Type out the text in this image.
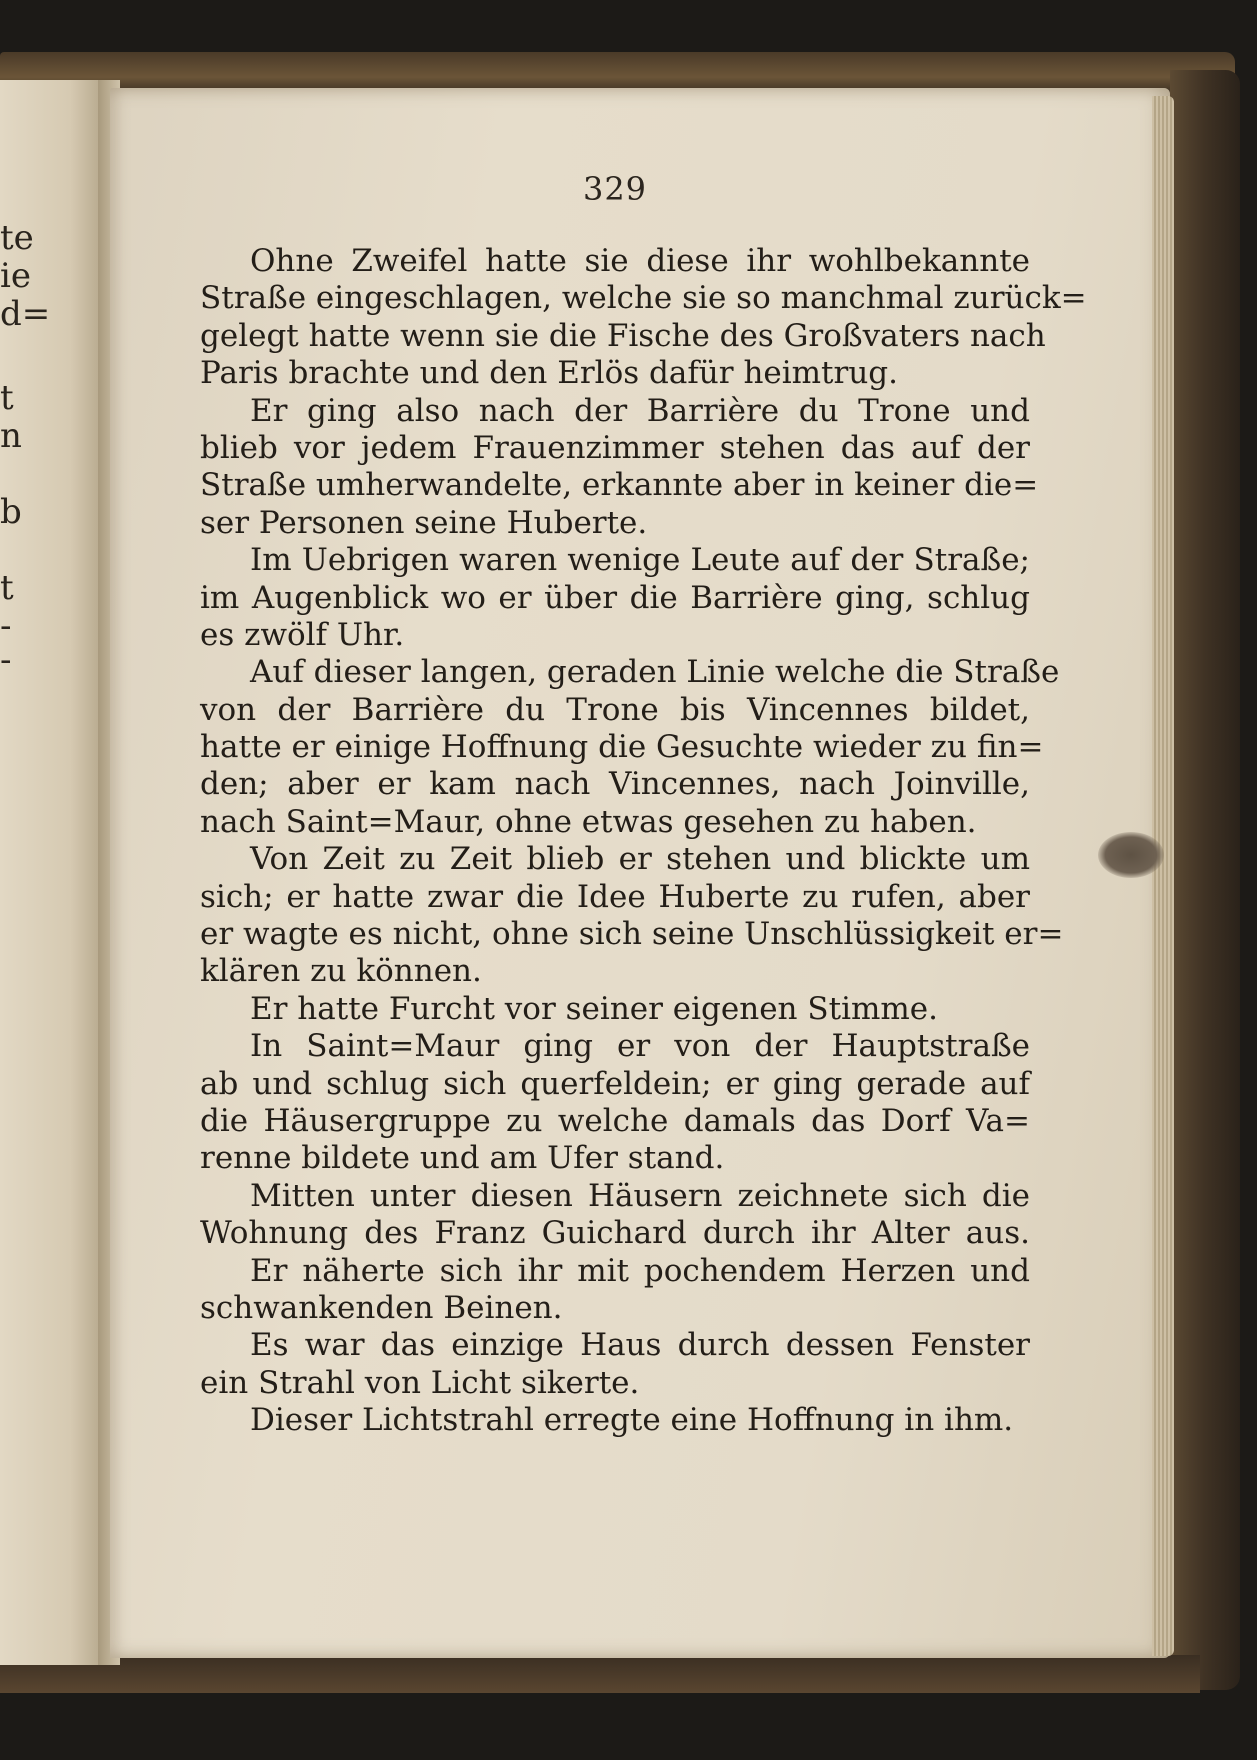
te
ie
d=
t
n
b
t
-
-
329
Ohne Zweifel hatte sie diese ihr wohlbekannte
Straße eingeschlagen, welche sie so manchmal zurück=
gelegt hatte wenn sie die Fische des Großvaters nach
Paris brachte und den Erlös dafür heimtrug.
Er ging also nach der Barrière du Trone und
blieb vor jedem Frauenzimmer stehen das auf der
Straße umherwandelte, erkannte aber in keiner die=
ser Personen seine Huberte.
Im Uebrigen waren wenige Leute auf der Straße;
im Augenblick wo er über die Barrière ging, schlug
es zwölf Uhr.
Auf dieser langen, geraden Linie welche die Straße
von der Barrière du Trone bis Vincennes bildet,
hatte er einige Hoffnung die Gesuchte wieder zu fin=
den; aber er kam nach Vincennes, nach Joinville,
nach Saint=Maur, ohne etwas gesehen zu haben.
Von Zeit zu Zeit blieb er stehen und blickte um
sich; er hatte zwar die Idee Huberte zu rufen, aber
er wagte es nicht, ohne sich seine Unschlüssigkeit er=
klären zu können.
Er hatte Furcht vor seiner eigenen Stimme.
In Saint=Maur ging er von der Hauptstraße
ab und schlug sich querfeldein; er ging gerade auf
die Häusergruppe zu welche damals das Dorf Va=
renne bildete und am Ufer stand.
Mitten unter diesen Häusern zeichnete sich die
Wohnung des Franz Guichard durch ihr Alter aus.
Er näherte sich ihr mit pochendem Herzen und
schwankenden Beinen.
Es war das einzige Haus durch dessen Fenster
ein Strahl von Licht sikerte.
Dieser Lichtstrahl erregte eine Hoffnung in ihm.
